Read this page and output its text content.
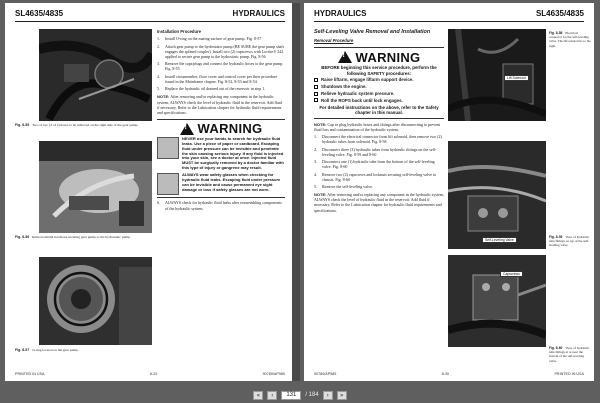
SL4635/4835	HYDRAULICS
Fig. 8-55 Two of two (2 of 2) hoses to be removed on the right side of the gear pump.
Fig. 8-56 Remove/install hardware securing gear pump to the hydrostatic pump.
Fig. 8-57 O-ring located on the gear pump.
Installation Procedure
1.	Install O-ring on the mating surface of gear pump. Fig. 8-57
2.	Attach gear pump to the hydrostatic pump (BE SURE the gear pump shaft engages the splined coupler). Install two (2) capscrews with Loctite® 242 applied to secure gear pump to the hydrostatic pump. Fig. 8-56
3.	Remove the caps/plugs and connect the hydraulic hoses to the gear pump. Fig. 8-55
4.	Install crossmember, floor cover and control cover per their procedure found in the Mainframe chapter. Fig. 8-52, 8-53 and 8-54
5.	Replace the hydraulic oil drained out of the reservoir in step 1.
NOTE: After removing and/or replacing any component in the hydraulic system, ALWAYS check the level of hydraulic fluid in the reservoir. Add fluid if necessary. Refer to the Lubrication chapter for hydraulic fluid requirements and specifications.
! WARNING
NEVER use your hands to search for hydraulic fluid leaks. Use a piece of paper or cardboard. Escaping fluid under pressure can be invisible and penetrate the skin causing serious injury. If any fluid is injected into your skin, see a doctor at once. Injected fluid MUST be surgically removed by a doctor familiar with this type of injury or gangrene may result.
ALWAYS wear safety glasses when checking for hydraulic fluid leaks. Escaping fluid under pressure can be invisible and cause permanent eye sight damage or loss if safety glasses are not worn.
6.	ALWAYS check for hydraulic fluid leaks after reassembling components of the hydraulic system.
PRINTED IN USA	8-29	90789/AP589
HYDRAULICS	SL4635/4835
Self-Leveling Valve Removal and Installation
Removal Procedure
! WARNING
BEFORE beginning this service procedure, perform the following SAFETY procedures:
Raise liftarm, engage liftarm support device.
Shutdown the engine.
Relieve hydraulic system pressure.
Roll the ROPS back until lock engages.
For detailed instructions on the above, refer to the Safety chapter in this manual.
NOTE: Cap or plug hydraulic hoses and fittings after disconnecting to prevent fluid loss and contamination of the hydraulic system.
1.	Disconnect the electrical connector from lift solenoid, then remove two (2) hydraulic tubes from solenoid. Fig. 8-58
2.	Disconnect three (3) hydraulic tubes from hydraulic fittings on the self-leveling valve. Fig. 8-59 and 8-60
3.	Disconnect one (1) hydraulic tube from the bottom of the self-leveling valve. Fig. 8-60
4.	Remove two (2) capscrews and locknuts securing self-leveling valve to chassis. Fig. 8-60
5.	Remove the self-leveling valve.
NOTE: After removing and/or replacing any component in the hydraulic system, ALWAYS check the level of hydraulic fluid in the reservoir. Add fluid if necessary. Refer to the Lubrication chapter for hydraulic fluid requirements and specifications.
Lift Solenoid
Fig. 8-58 Electrical connector for the self-leveling valve. The lift solenoid is to the right.
Self-Leveling Valve
Fig. 8-59 View of hydraulic tube fittings on top of the self-leveling valve.
Capscrews
Fig. 8-60 View of hydraulic tube fittings at or near the bottom of the self-leveling valve.
90789/AP589	8-30	PRINTED IN USA
«	‹	131	/ 184	›	»
